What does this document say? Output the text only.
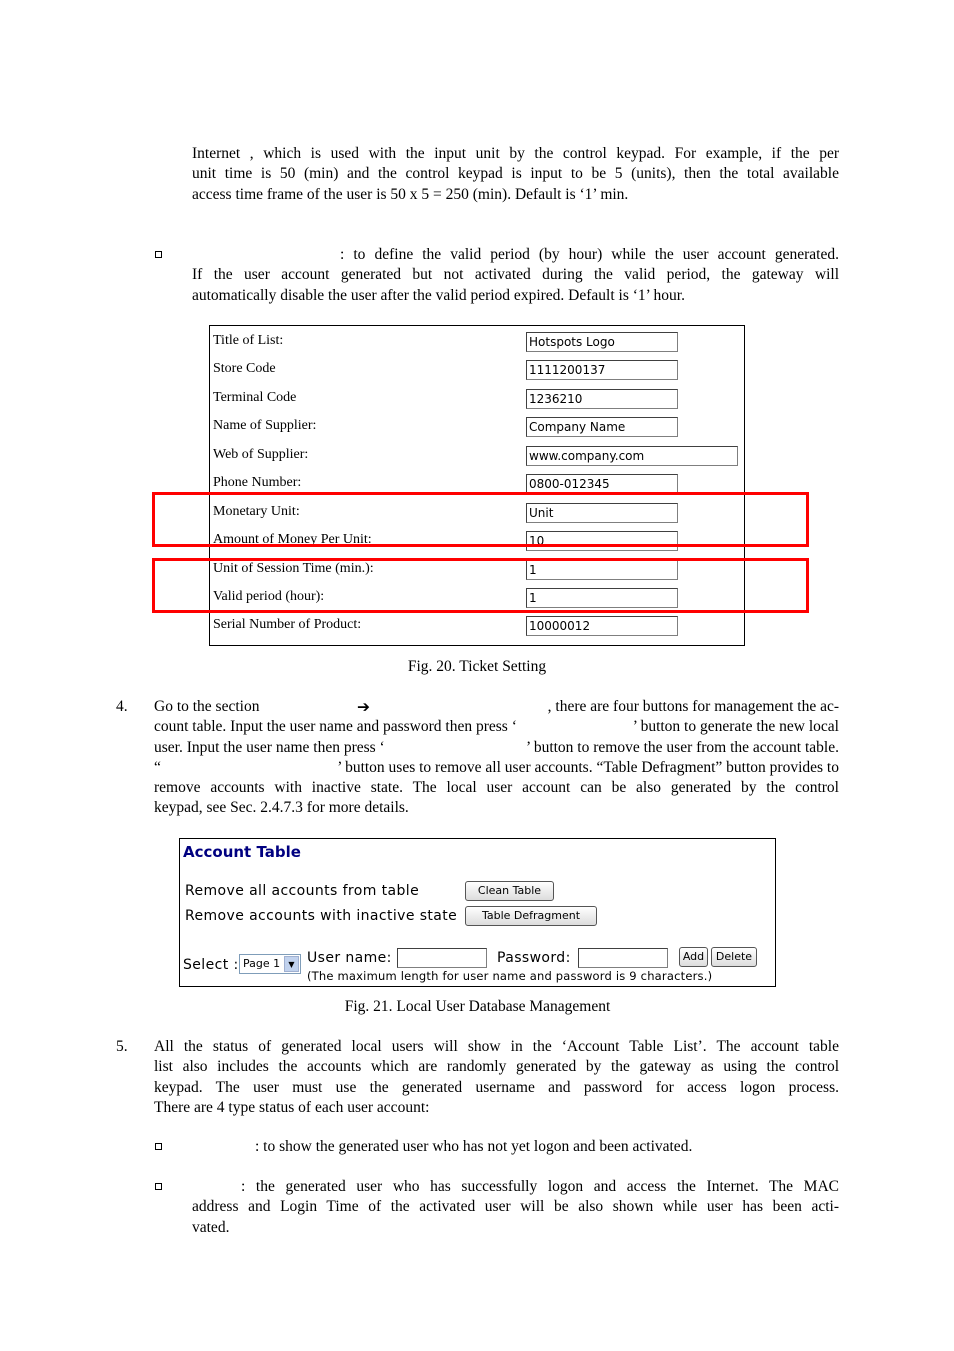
Internet , which is used with the input unit by the control keypad. For example, if the per
unit time is 50 (min) and the control keypad is input to be 5 (units), then the total available
access time frame of the user is 50 x 5 = 250 (min). Default is ‘1’ min.
: to define the valid period (by hour) while the user account generated.
If the user account generated but not activated during the valid period, the gateway will
automatically disable the user after the valid period expired. Default is ‘1’ hour.
Title of List:	Hotspots Logo
Store Code	1111200137
Terminal Code	1236210
Name of Supplier:	Company Name
Web of Supplier:	www.company.com
Phone Number:	0800-012345
Monetary Unit:	Unit
Amount of Money Per Unit:	10
Unit of Session Time (min.):	1
Valid period (hour):	1
Serial Number of Product:	10000012
Fig. 20. Ticket Setting
4. Go to the section	➔	, there are four buttons for management the ac-

count table. Input the user name and password then press ‘	’ button to generate the new local

user. Input the user name then press ‘	’ button to remove the user from the account table.

“	’ button uses to remove all user accounts. “Table Defragment” button provides to

remove accounts with inactive state. The local user account can be also generated by the control
keypad, see Sec. 2.4.7.3 for more details.
Account Table
Remove all accounts from table	Clean Table
Remove accounts with inactive state	Table Defragment
Select : Page 1	▼ User name:	Password:	Add	Delete
(The maximum length for user name and password is 9 characters.)
Fig. 21. Local User Database Management
5. All the status of generated local users will show in the ‘Account Table List’. The account table
list also includes the accounts which are randomly generated by the gateway as using the control
keypad. The user must use the generated username and password for access logon process.
There are 4 type status of each user account:
: to show the generated user who has not yet logon and been activated.
: the generated user who has successfully logon and access the Internet. The MAC
address and Login Time of the activated user will be also shown while user has been acti-
vated.
